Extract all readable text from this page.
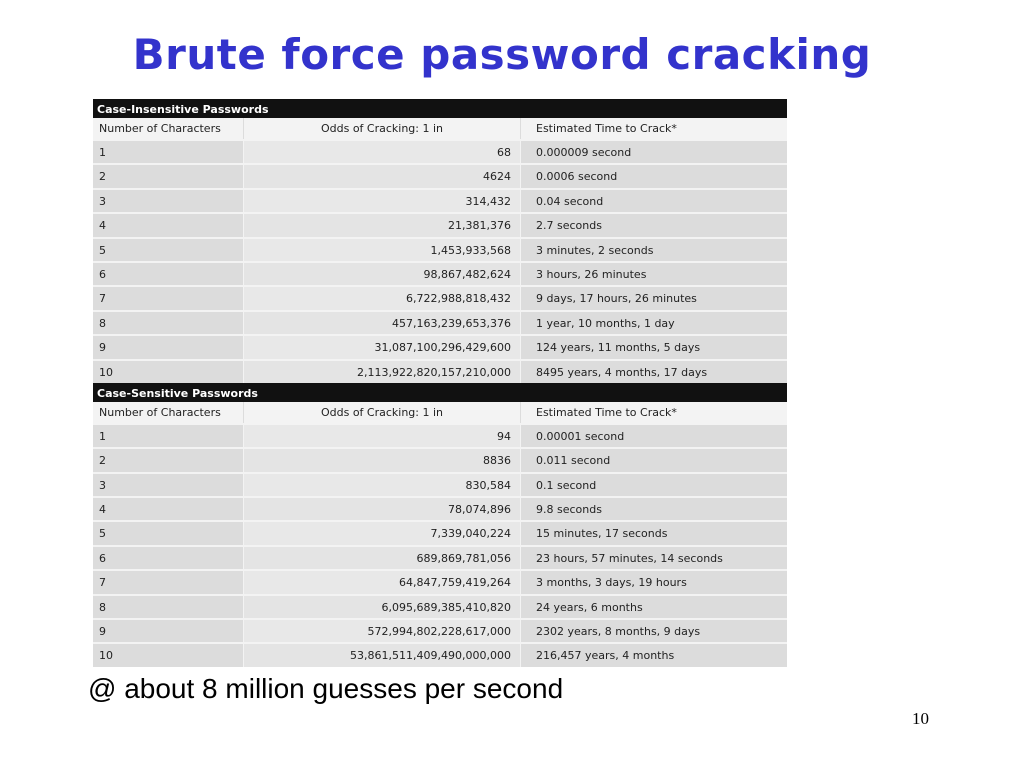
Brute force password cracking
Case-Insensitive Passwords
Number of Characters	Odds of Cracking: 1 in	Estimated Time to Crack*
1	68	0.000009 second
2	4624	0.0006 second
3	314,432	0.04 second
4	21,381,376	2.7 seconds
5	1,453,933,568	3 minutes, 2 seconds
6	98,867,482,624	3 hours, 26 minutes
7	6,722,988,818,432	9 days, 17 hours, 26 minutes
8	457,163,239,653,376	1 year, 10 months, 1 day
9	31,087,100,296,429,600	124 years, 11 months, 5 days
10	2,113,922,820,157,210,000	8495 years, 4 months, 17 days
Case-Sensitive Passwords
Number of Characters	Odds of Cracking: 1 in	Estimated Time to Crack*
1	94	0.00001 second
2	8836	0.011 second
3	830,584	0.1 second
4	78,074,896	9.8 seconds
5	7,339,040,224	15 minutes, 17 seconds
6	689,869,781,056	23 hours, 57 minutes, 14 seconds
7	64,847,759,419,264	3 months, 3 days, 19 hours
8	6,095,689,385,410,820	24 years, 6 months
9	572,994,802,228,617,000	2302 years, 8 months, 9 days
10	53,861,511,409,490,000,000	216,457 years, 4 months
@ about 8 million guesses per second
10
